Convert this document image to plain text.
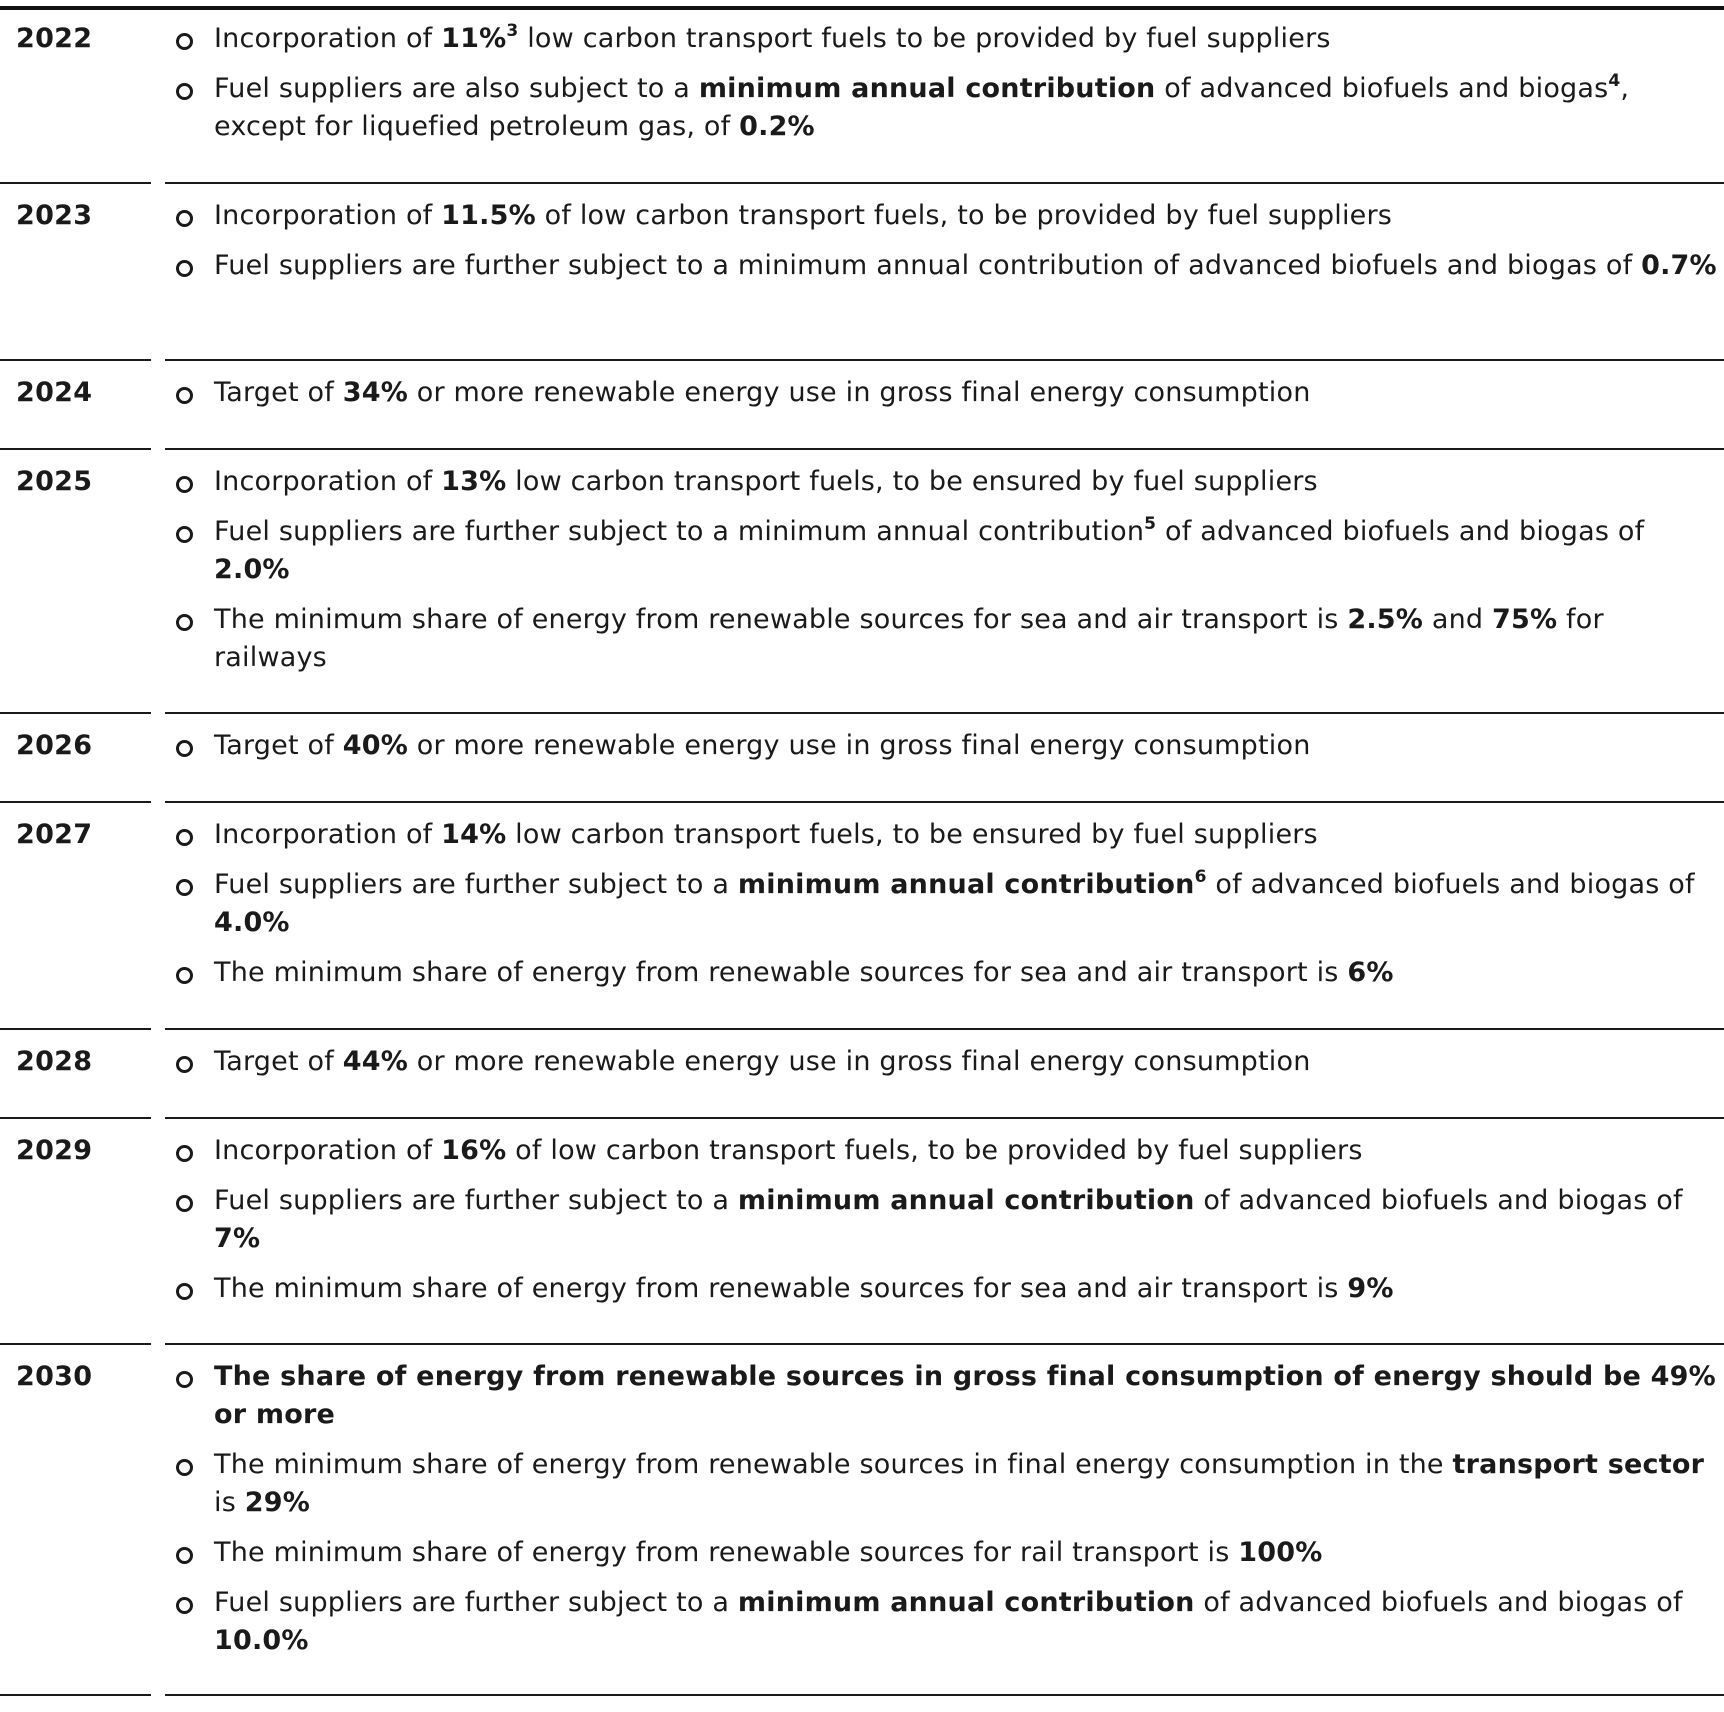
2022	Incorporation of 11%$^3$ low carbon transport fuels to be provided by fuel suppliers
Fuel suppliers are also subject to a minimum annual contribution of advanced biofuels and biogas$^4$, except for liquefied petroleum gas, of 0.2%
2023	Incorporation of 11.5% of low carbon transport fuels, to be provided by fuel suppliers
Fuel suppliers are further subject to a minimum annual contribution of advanced biofuels and biogas of 0.7%
2024	Target of 34% or more renewable energy use in gross final energy consumption
2025	Incorporation of 13% low carbon transport fuels, to be ensured by fuel suppliers
Fuel suppliers are further subject to a minimum annual contribution$^5$ of advanced biofuels and biogas of 2.0%
The minimum share of energy from renewable sources for sea and air transport is 2.5% and 75% for railways
2026	Target of 40% or more renewable energy use in gross final energy consumption
2027	Incorporation of 14% low carbon transport fuels, to be ensured by fuel suppliers
Fuel suppliers are further subject to a minimum annual contribution$^6$ of advanced biofuels and biogas of 4.0%
The minimum share of energy from renewable sources for sea and air transport is 6%
2028	Target of 44% or more renewable energy use in gross final energy consumption
2029	Incorporation of 16% of low carbon transport fuels, to be provided by fuel suppliers
Fuel suppliers are further subject to a minimum annual contribution of advanced biofuels and biogas of 7%
The minimum share of energy from renewable sources for sea and air transport is 9%
2030	The share of energy from renewable sources in gross final consumption of energy should be 49% or more
The minimum share of energy from renewable sources in final energy consumption in the transport sector is 29%
The minimum share of energy from renewable sources for rail transport is 100%
Fuel suppliers are further subject to a minimum annual contribution of advanced biofuels and biogas of 10.0%
